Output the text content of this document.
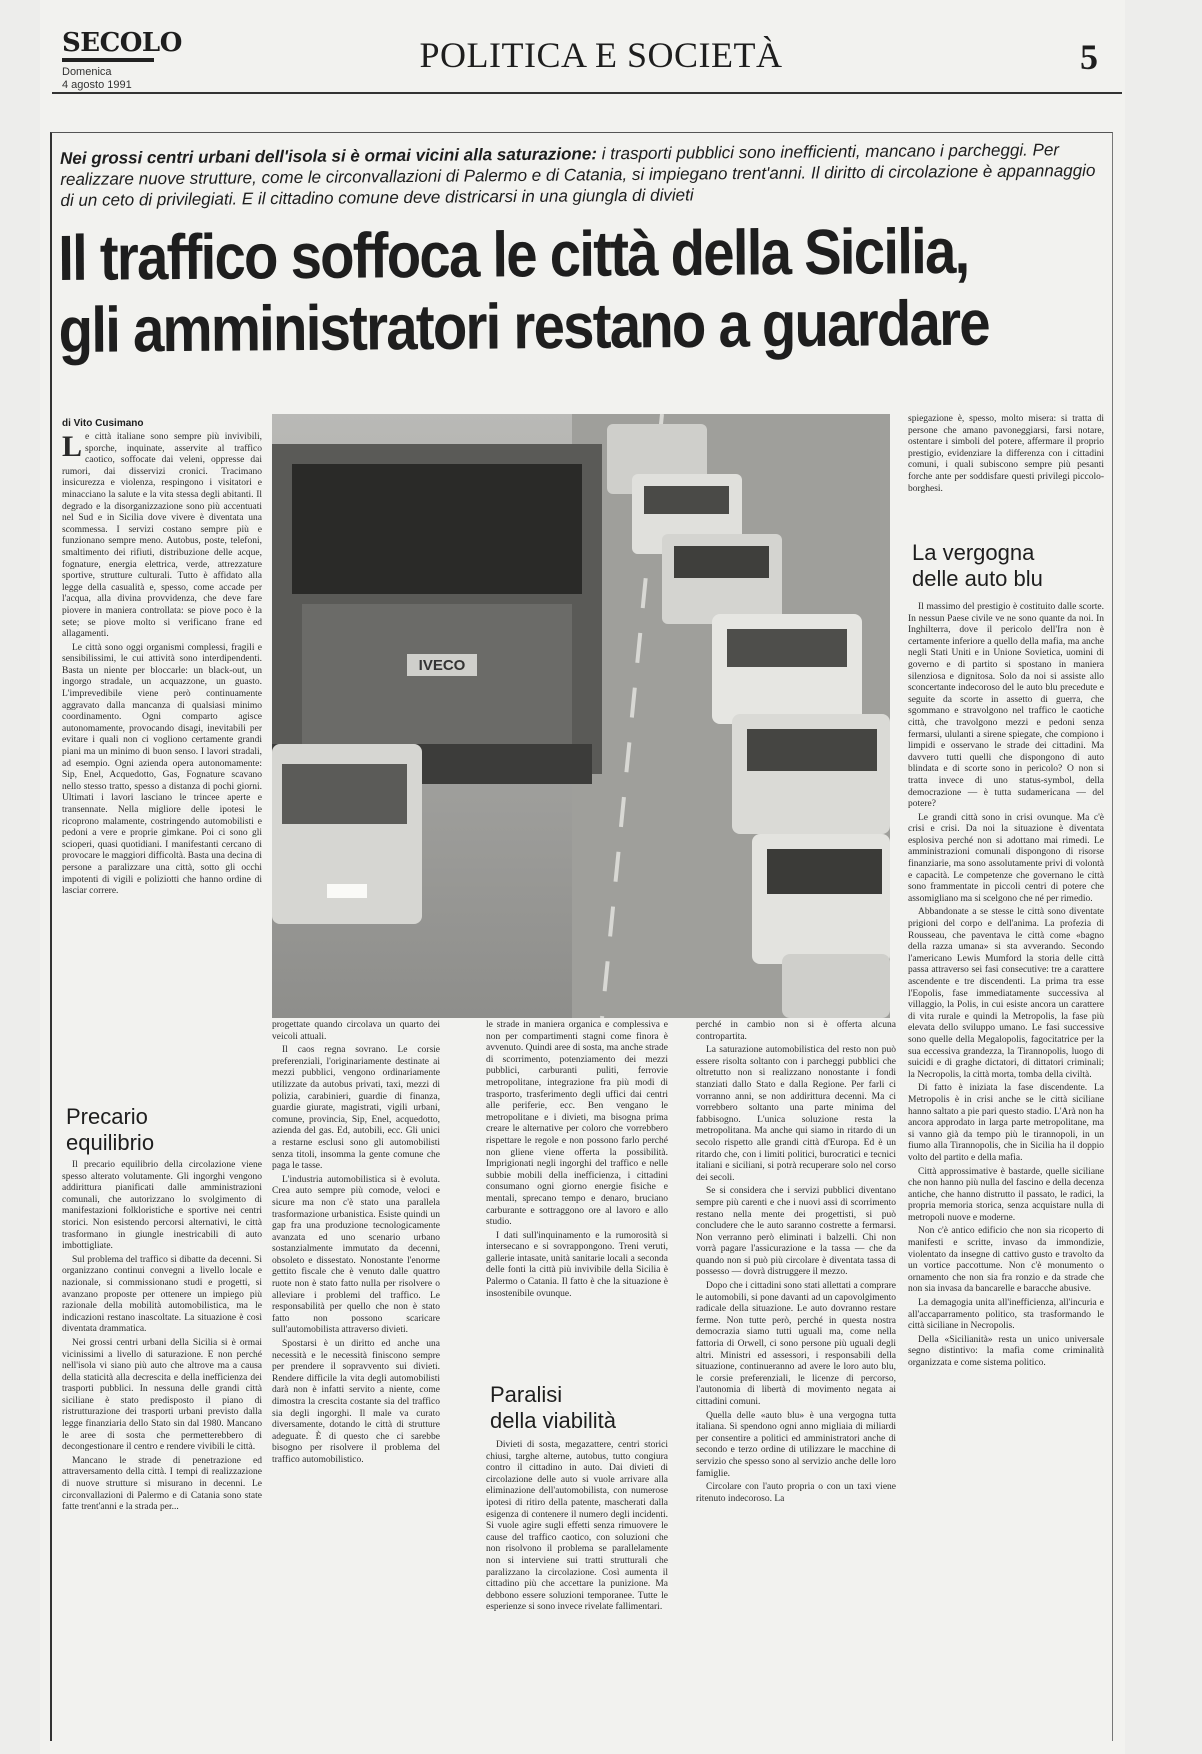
SECOLO
Domenica
4 agosto 1991
POLITICA E SOCIETÀ	5
Nei grossi centri urbani dell'isola si è ormai vicini alla saturazione: i trasporti pubblici sono inefficienti, mancano i parcheggi. Per realizzare nuove strutture, come le circonvallazioni di Palermo e di Catania, si impiegano trent'anni. Il diritto di circolazione è appannaggio di un ceto di privilegiati. E il cittadino comune deve districarsi in una giungla di divieti
Il traffico soffoca le città della Sicilia,
gli amministratori restano a guardare
di Vito Cusimano
L e città italiane sono sempre più invivibili, sporche, inquinate, asservite al traffico caotico, soffocate dai veleni, oppresse dai rumori, dai disservizi cronici. Tracimano insicurezza e violenza, respingono i visitatori e minacciano la salute e la vita stessa degli abitanti. Il degrado e la disorganizzazione sono più accentuati nel Sud e in Sicilia dove vivere è diventata una scommessa. I servizi costano sempre più e funzionano sempre meno. Autobus, poste, telefoni, smaltimento dei rifiuti, distribuzione delle acque, fognature, energia elettrica, verde, attrezzature sportive, strutture culturali. Tutto è affidato alla legge della casualità e, spesso, come accade per l'acqua, alla divina provvidenza, che deve fare piovere in maniera controllata: se piove poco è la sete; se piove molto si verificano frane ed allagamenti.

Le città sono oggi organismi complessi, fragili e sensibilissimi, le cui attività sono interdipendenti. Basta un niente per bloccarle: un black-out, un ingorgo stradale, un acquazzone, un guasto. L'imprevedibile viene però continuamente aggravato dalla mancanza di qualsiasi minimo coordinamento. Ogni comparto agisce autonomamente, provocando disagi, inevitabili per evitare i quali non ci vogliono certamente grandi piani ma un minimo di buon senso. I lavori stradali, ad esempio. Ogni azienda opera autonomamente: Sip, Enel, Acquedotto, Gas, Fognature scavano nello stesso tratto, spesso a distanza di pochi giorni. Ultimati i lavori lasciano le trincee aperte e transennate. Nella migliore delle ipotesi le ricoprono malamente, costringendo automobilisti e pedoni a vere e proprie gimkane. Poi ci sono gli scioperi, quasi quotidiani. I manifestanti cercano di provocare le maggiori difficoltà. Basta una decina di persone a paralizzare una città, sotto gli occhi impotenti di vigili e poliziotti che hanno ordine di lasciar correre.

Precario
equilibrio

Il precario equilibrio della circolazione viene spesso alterato volutamente. Gli ingorghi vengono addirittura pianificati dalle amministrazioni comunali, che autorizzano lo svolgimento di manifestazioni folkloristiche e sportive nei centri storici. Non esistendo percorsi alternativi, le città trasformano in giungle inestricabili di auto imbottigliate.

Sul problema del traffico si dibatte da decenni. Si organizzano continui convegni a livello locale e nazionale, si commissionano studi e progetti, si avanzano proposte per ottenere un impiego più razionale della mobilità automobilistica, ma le indicazioni restano inascoltate. La situazione è così diventata drammatica.

Nei grossi centri urbani della Sicilia si è ormai vicinissimi a livello di saturazione. E non perché nell'isola vi siano più auto che altrove ma a causa della staticità alla decrescita e della inefficienza dei trasporti pubblici. In nessuna delle grandi città siciliane è stato predisposto il piano di ristrutturazione dei trasporti urbani previsto dalla legge finanziaria dello Stato sin dal 1980. Mancano le aree di sosta che permetterebbero di decongestionare il centro e rendere vivibili le città.

Mancano le strade di penetrazione ed attraversamento della città. I tempi di realizzazione di nuove strutture si misurano in decenni. Le circonvallazioni di Palermo e di Catania sono state fatte trent'anni e la strada per...

IVECO

progettate quando circolava un quarto dei veicoli attuali.

Il caos regna sovrano. Le corsie preferenziali, l'originariamente destinate ai mezzi pubblici, vengono ordinariamente utilizzate da autobus privati, taxi, mezzi di polizia, carabinieri, guardie di finanza, guardie giurate, magistrati, vigili urbani, comune, provincia, Sip, Enel, acquedotto, azienda del gas. Ed, autobili, ecc. Gli unici a restarne esclusi sono gli automobilisti senza titoli, insomma la gente comune che paga le tasse.

L'industria automobilistica si è evoluta. Crea auto sempre più comode, veloci e sicure ma non c'è stato una parallela trasformazione urbanistica. Esiste quindi un gap fra una produzione tecnologicamente avanzata ed uno scenario urbano sostanzialmente immutato da decenni, obsoleto e dissestato. Nonostante l'enorme gettito fiscale che è venuto dalle quattro ruote non è stato fatto nulla per risolvere o alleviare i problemi del traffico. Le responsabilità per quello che non è stato fatto non possono scaricare sull'automobilista attraverso divieti.

Spostarsi è un diritto ed anche una necessità e le necessità finiscono sempre per prendere il sopravvento sui divieti. Rendere difficile la vita degli automobilisti darà non è infatti servito a niente, come dimostra la crescita costante sia del traffico sia degli ingorghi. Il male va curato diversamente, dotando le città di strutture adeguate. È di questo che ci sarebbe bisogno per risolvere il problema del traffico automobilistico.

le strade in maniera organica e complessiva e non per compartimenti stagni come finora è avvenuto. Quindi aree di sosta, ma anche strade di scorrimento, potenziamento dei mezzi pubblici, carburanti puliti, ferrovie metropolitane, integrazione fra più modi di trasporto, trasferimento degli uffici dai centri alle periferie, ecc. Ben vengano le metropolitane e i divieti, ma bisogna prima creare le alternative per coloro che vorrebbero rispettare le regole e non possono farlo perché non gliene viene offerta la possibilità. Imprigionati negli ingorghi del traffico e nelle subbie mobili della inefficienza, i cittadini consumano ogni giorno energie fisiche e mentali, sprecano tempo e denaro, bruciano carburante e sottraggono ore al lavoro e allo studio.

I dati sull'inquinamento e la rumorosità si intersecano e si sovrappongono. Treni veruti, gallerie intasate, unità sanitarie locali a seconda delle fonti la città più invivibile della Sicilia è Palermo o Catania. Il fatto è che la situazione è insostenibile ovunque.

Paralisi
della viabilità

Divieti di sosta, megazattere, centri storici chiusi, targhe alterne, autobus, tutto congiura contro il cittadino in auto. Dai divieti di circolazione delle auto si vuole arrivare alla eliminazione dell'automobilista, con numerose ipotesi di ritiro della patente, mascherati dalla esigenza di contenere il numero degli incidenti. Si vuole agire sugli effetti senza rimuovere le cause del traffico caotico, con soluzioni che non risolvono il problema se parallelamente non si interviene sui tratti strutturali che paralizzano la circolazione. Così aumenta il cittadino più che accettare la punizione. Ma debbono essere soluzioni temporanee. Tutte le esperienze si sono invece rivelate fallimentari.

perché in cambio non si è offerta alcuna contropartita.

La saturazione automobilistica del resto non può essere risolta soltanto con i parcheggi pubblici che oltretutto non si realizzano nonostante i fondi stanziati dallo Stato e dalla Regione. Per farli ci vorranno anni, se non addirittura decenni. Ma ci vorrebbero soltanto una parte minima del fabbisogno. L'unica soluzione resta la metropolitana. Ma anche qui siamo in ritardo di un secolo rispetto alle grandi città d'Europa. Ed è un ritardo che, con i limiti politici, burocratici e tecnici italiani e siciliani, si potrà recuperare solo nel corso dei secoli.

Se si considera che i servizi pubblici diventano sempre più carenti e che i nuovi assi di scorrimento restano nella mente dei progettisti, si può concludere che le auto saranno costrette a fermarsi. Non verranno però eliminati i balzelli. Chi non vorrà pagare l'assicurazione e la tassa — che da quando non si può più circolare è diventata tassa di possesso — dovrà distruggere il mezzo.

Dopo che i cittadini sono stati allettati a comprare le automobili, si pone davanti ad un capovolgimento radicale della situazione. Le auto dovranno restare ferme. Non tutte però, perché in questa nostra democrazia siamo tutti uguali ma, come nella fattoria di Orwell, ci sono persone più uguali degli altri. Ministri ed assessori, i responsabili della situazione, continueranno ad avere le loro auto blu, le corsie preferenziali, le licenze di percorso, l'autonomia di libertà di movimento negata ai cittadini comuni.

Quella delle «auto blu» è una vergogna tutta italiana. Si spendono ogni anno migliaia di miliardi per consentire a politici ed amministratori anche di secondo e terzo ordine di utilizzare le macchine di servizio che spesso sono al servizio anche delle loro famiglie.

Circolare con l'auto propria o con un taxi viene ritenuto indecoroso. La

spiegazione è, spesso, molto misera: si tratta di persone che amano pavoneggiarsi, farsi notare, ostentare i simboli del potere, affermare il proprio prestigio, evidenziare la differenza con i cittadini comuni, i quali subiscono sempre più pesanti forche ante per soddisfare questi privilegi piccolo-borghesi.

La vergogna
delle auto blu

Il massimo del prestigio è costituito dalle scorte. In nessun Paese civile ve ne sono quante da noi. In Inghilterra, dove il pericolo dell'Ira non è certamente inferiore a quello della mafia, ma anche negli Stati Uniti e in Unione Sovietica, uomini di governo e di partito si spostano in maniera silenziosa e dignitosa. Solo da noi si assiste allo sconcertante indecoroso del le auto blu precedute e seguite da scorte in assetto di guerra, che sgommano e stravolgono nel traffico le caotiche città, che travolgono mezzi e pedoni senza fermarsi, ululanti a sirene spiegate, che compiono i limpidi e osservano le strade dei cittadini. Ma davvero tutti quelli che dispongono di auto blindata e di scorte sono in pericolo? O non si tratta invece di uno status-symbol, della democrazione — è tutta sudamericana — del potere?

Le grandi città sono in crisi ovunque. Ma c'è crisi e crisi. Da noi la situazione è diventata esplosiva perché non si adottano mai rimedi. Le amministrazioni comunali dispongono di risorse finanziarie, ma sono assolutamente privi di volontà e capacità. Le competenze che governano le città sono frammentate in piccoli centri di potere che assomigliano ma si scelgono che né per rimedio.

Abbandonate a se stesse le città sono diventate prigioni del corpo e dell'anima. La profezia di Rousseau, che paventava le città come «bagno della razza umana» si sta avverando. Secondo l'americano Lewis Mumford la storia delle città passa attraverso sei fasi consecutive: tre a carattere ascendente e tre discendenti. La prima tra esse l'Eopolis, fase immediatamente successiva al villaggio, la Polis, in cui esiste ancora un carattere di vita rurale e quindi la Metropolis, la fase più elevata dello sviluppo umano. Le fasi successive sono quelle della Megalopolis, fagocitatrice per la sua eccessiva grandezza, la Tirannopolis, luogo di suicidi e di graghe dictatori, di dittatori criminali; la Necropolis, la città morta, tomba della civiltà.

Di fatto è iniziata la fase discendente. La Metropolis è in crisi anche se le città siciliane hanno saltato a pie pari questo stadio. L'Arà non ha ancora approdato in larga parte metropolitane, ma si vanno già da tempo più le tirannopoli, in un fiumo alla Tirannopolis, che in Sicilia ha il doppio volto del partito e della mafia.

Città approssimative è bastarde, quelle siciliane che non hanno più nulla del fascino e della decenza antiche, che hanno distrutto il passato, le radici, la propria memoria storica, senza acquistare nulla di metropoli nuove e moderne.

Non c'è antico edificio che non sia ricoperto di manifesti e scritte, invaso da immondizie, violentato da insegne di cattivo gusto e travolto da un vortice paccottume. Non c'è monumento o ornamento che non sia fra ronzio e da strade che non sia invasa da bancarelle e baracche abusive.

La demagogia unita all'inefficienza, all'incuria e all'accaparramento politico, sta trasformando le città siciliane in Necropolis.

Della «Sicilianità» resta un unico universale segno distintivo: la mafia come criminalità organizzata e come sistema politico.
